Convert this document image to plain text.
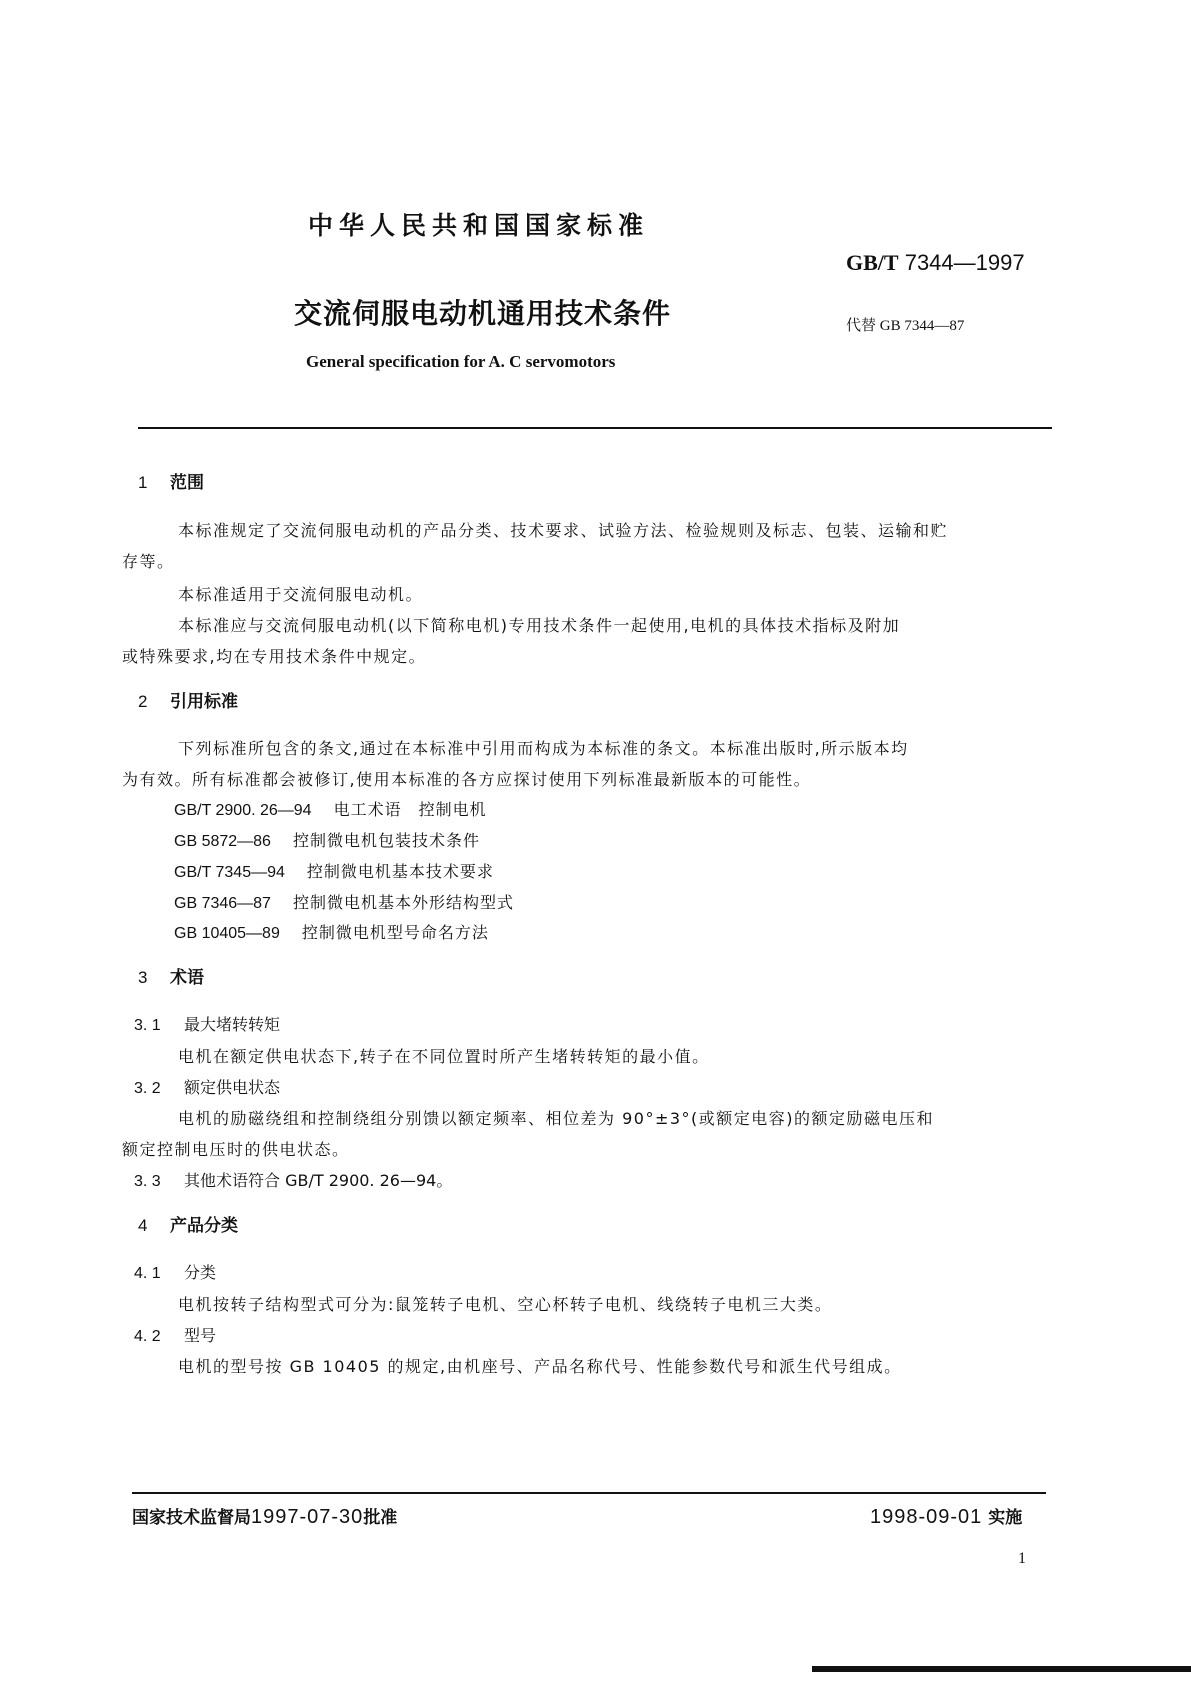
中华人民共和国国家标准
GB/T 7344—1997
交流伺服电动机通用技术条件	代替 GB 7344—87
General specification for A. C servomotors
1 范围
本标准规定了交流伺服电动机的产品分类、技术要求、试验方法、检验规则及标志、包装、运输和贮
存等。
本标准适用于交流伺服电动机。
本标准应与交流伺服电动机(以下简称电机)专用技术条件一起使用,电机的具体技术指标及附加
或特殊要求,均在专用技术条件中规定。
2 引用标准
下列标准所包含的条文,通过在本标准中引用而构成为本标准的条文。本标准出版时,所示版本均
为有效。所有标准都会被修订,使用本标准的各方应探讨使用下列标准最新版本的可能性。
GB/T 2900. 26—94 电工术语　控制电机
GB 5872—86 控制微电机包装技术条件
GB/T 7345—94 控制微电机基本技术要求
GB 7346—87 控制微电机基本外形结构型式
GB 10405—89 控制微电机型号命名方法
3 术语
3. 1 最大堵转转矩
电机在额定供电状态下,转子在不同位置时所产生堵转转矩的最小值。
3. 2 额定供电状态
电机的励磁绕组和控制绕组分别馈以额定频率、相位差为 90°±3°(或额定电容)的额定励磁电压和
额定控制电压时的供电状态。
3. 3 其他术语符合 GB/T 2900. 26—94。
4 产品分类
4. 1 分类
电机按转子结构型式可分为:鼠笼转子电机、空心杯转子电机、线绕转子电机三大类。
4. 2 型号
电机的型号按 GB 10405 的规定,由机座号、产品名称代号、性能参数代号和派生代号组成。
国家技术监督局1997-07-30批准	1998-09-01 实施
1
